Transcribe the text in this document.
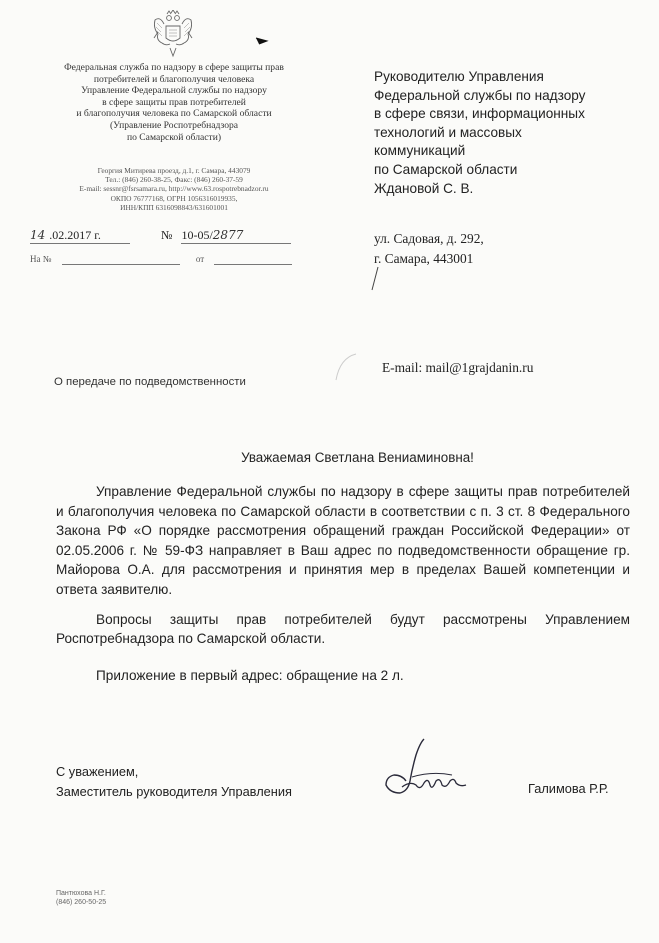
Федеральная служба по надзору в сфере защиты прав
потребителей и благополучия человека
Управление Федеральной службы по надзору
в сфере защиты прав потребителей
и благополучия человека по Самарской области
(Управление Роспотребнадзора
по Самарской области)
Георгия Митирева проезд, д.1, г. Самара, 443079
Тел.: (846) 260-38-25, Факс: (846) 260-37-59
E-mail: sessnr@fsrsamara.ru, http://www.63.rospotrebnadzor.ru
ОКПО 76777168, ОГРН 1056316019935,
ИНН/КПП 6316098843/631601001
14 .02.2017 г.	№ 10-05/2877
На №	от
Руководителю Управления
Федеральной службы по надзору
в сфере связи, информационных
технологий и массовых
коммуникаций
по Самарской области
Ждановой С. В.
ул. Садовая, д. 292,
г. Самара, 443001
E-mail: mail@1grajdanin.ru
О передаче по подведомственности
Уважаемая Светлана Вениаминовна!

Управление Федеральной службы по надзору в сфере защиты прав потребителей и благополучия человека по Самарской области в соответствии с п. 3 ст. 8 Федерального Закона РФ «О порядке рассмотрения обращений граждан Российской Федерации» от 02.05.2006 г. № 59-ФЗ направляет в Ваш адрес по подведомственности обращение гр. Майорова О.А. для рассмотрения и принятия мер в пределах Вашей компетенции и ответа заявителю.

Вопросы защиты прав потребителей будут рассмотрены Управлением Роспотребнадзора по Самарской области.

Приложение в первый адрес: обращение на 2 л.
С уважением,
Заместитель руководителя Управления	Галимова Р.Р.
Пантюхова Н.Г.
(846) 260-50-25
